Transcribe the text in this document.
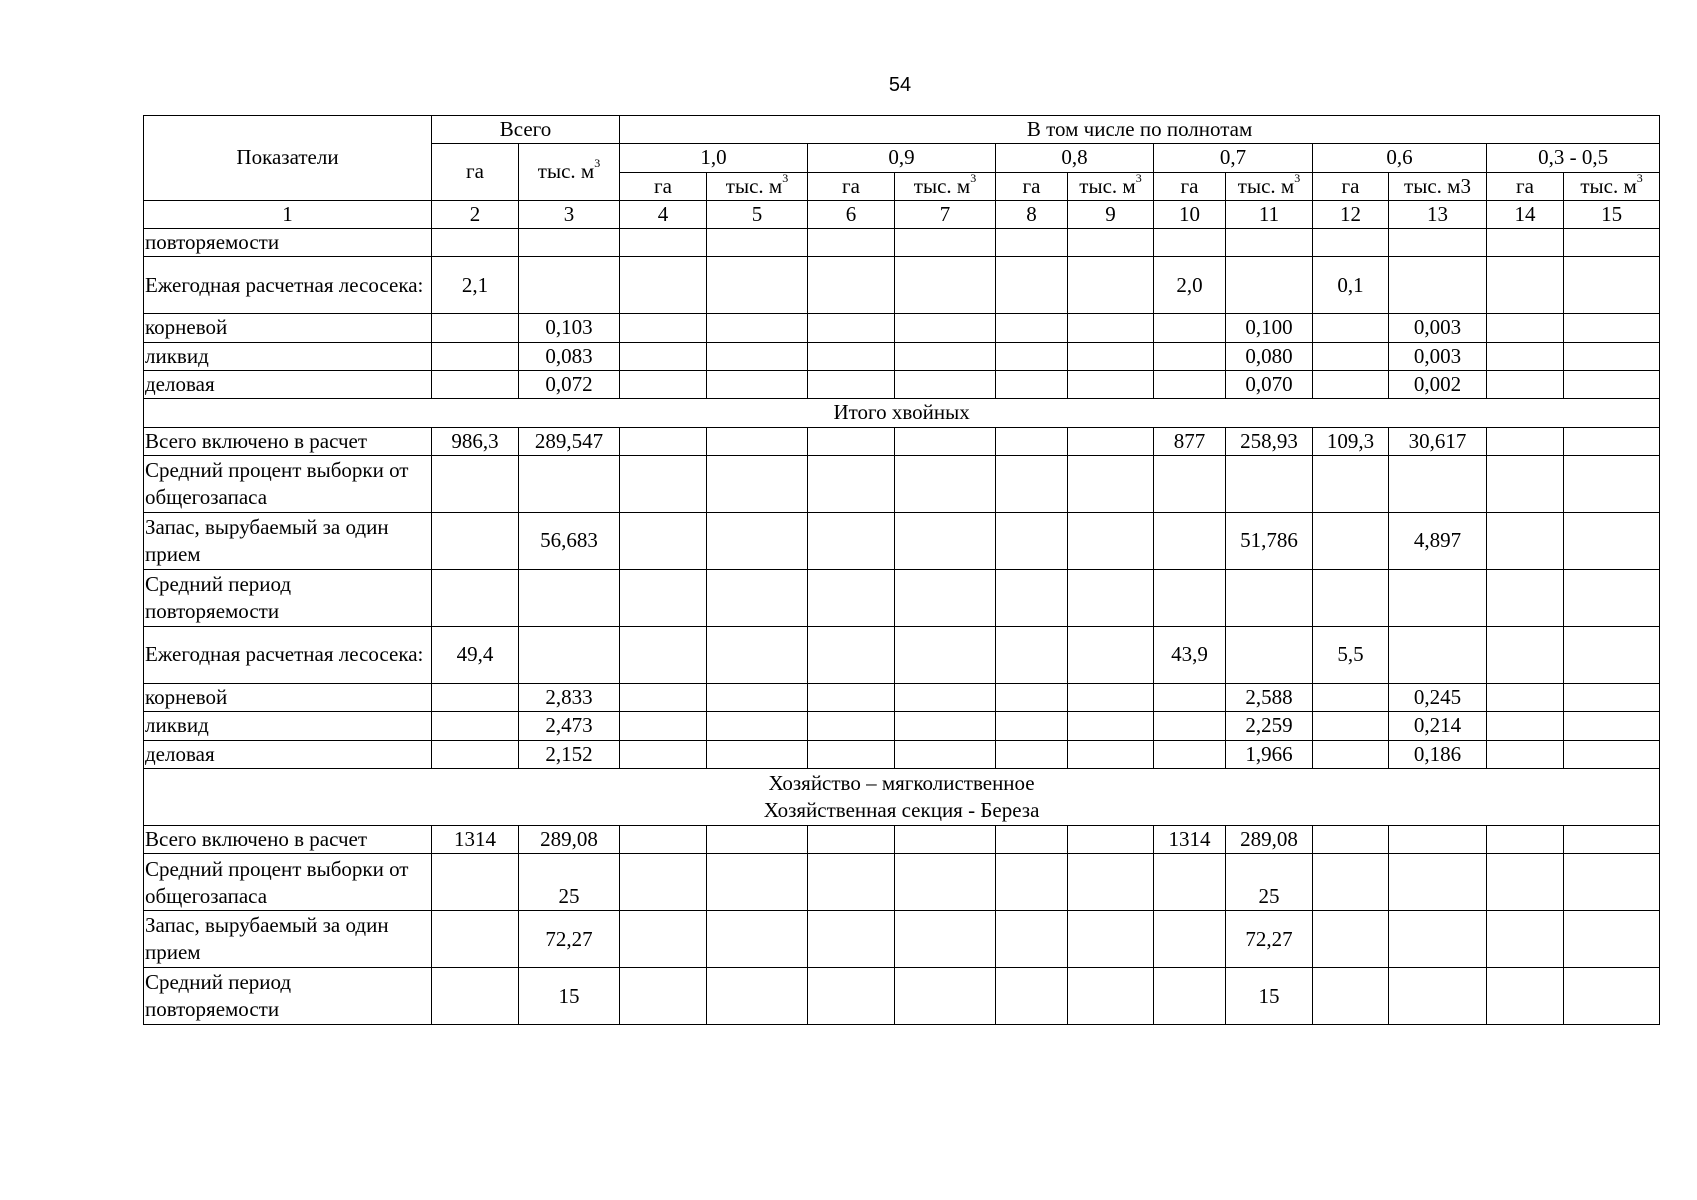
54
Показатели	Всего		В том числе по полнотам											
	га	тыс. $м^3$	1,0		0,9		0,8		0,7		0,6		0,3 - 0,5	
			га	тыс. $м^3$	га	тыс. $м^3$	га	тыс. $м^3$	га	тыс. $м^3$	га	тыс. м3	га	тыс. $м^3$
1	2	3	4	5	6	7	8	9	10	11	12	13	14	15
повторяемости														
Ежегодная расчетная лесосека:	2,1								2,0		0,1			
корневой		0,103								0,100		0,003		
ликвид		0,083								0,080		0,003		
деловая		0,072								0,070		0,002		

Итого хвойных														

Всего включено в расчет	986,3	289,547							877	258,93	109,3	30,617		
Средний процент выборки от общегозапаса														
Запас, вырубаемый за один прием		56,683								51,786		4,897		
Средний период повторяемости														
Ежегодная расчетная лесосека:	49,4								43,9		5,5			
корневой		2,833								2,588		0,245		
ликвид		2,473								2,259		0,214		
деловая		2,152								1,966		0,186		

Хозяйство – мягколиственное
Хозяйственная секция - Береза														

Всего включено в расчет	1314	289,08							1314	289,08				
Средний процент выборки от общегозапаса		25								25				
Запас, вырубаемый за один прием		72,27								72,27				
Средний период повторяемости		15								15				
